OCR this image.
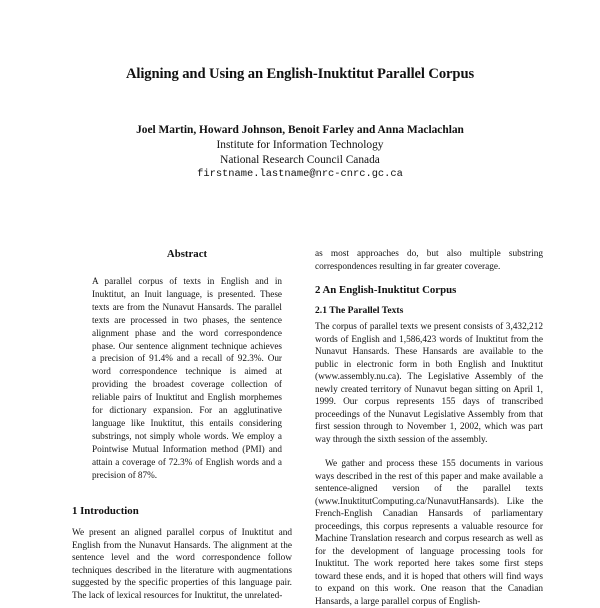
Aligning and Using an English-Inuktitut Parallel Corpus
Joel Martin, Howard Johnson, Benoit Farley and Anna Maclachlan
Institute for Information Technology
National Research Council Canada
firstname.lastname@nrc-cnrc.gc.ca
Abstract

A parallel corpus of texts in English and in Inuktitut, an Inuit language, is presented. These texts are from the Nunavut Hansards. The parallel texts are processed in two phases, the sentence alignment phase and the word correspondence phase. Our sentence alignment technique achieves a precision of 91.4% and a recall of 92.3%. Our word correspondence technique is aimed at providing the broadest coverage collection of reliable pairs of Inuktitut and English morphemes for dictionary expansion. For an agglutinative language like Inuktitut, this entails considering substrings, not simply whole words. We employ a Pointwise Mutual Information method (PMI) and attain a coverage of 72.3% of English words and a precision of 87%.

1 Introduction

We present an aligned parallel corpus of Inuktitut and English from the Nunavut Hansards. The alignment at the sentence level and the word correspondence follow techniques described in the literature with augmentations suggested by the specific properties of this language pair. The lack of lexical resources for Inuktitut, the unrelated-

as most approaches do, but also multiple substring correspondences resulting in far greater coverage.

2 An English-Inuktitut Corpus
2.1 The Parallel Texts

The corpus of parallel texts we present consists of 3,432,212 words of English and 1,586,423 words of Inuktitut from the Nunavut Hansards. These Hansards are available to the public in electronic form in both English and Inuktitut (www.assembly.nu.ca). The Legislative Assembly of the newly created territory of Nunavut began sitting on April 1, 1999. Our corpus represents 155 days of transcribed proceedings of the Nunavut Legislative Assembly from that first session through to November 1, 2002, which was part way through the sixth session of the assembly.

We gather and process these 155 documents in various ways described in the rest of this paper and make available a sentence-aligned version of the parallel texts (www.InuktitutComputing.ca/NunavutHansards). Like the French-English Canadian Hansards of parliamentary proceedings, this corpus represents a valuable resource for Machine Translation research and corpus research as well as for the development of language processing tools for Inuktitut. The work reported here takes some first steps toward these ends, and it is hoped that others will find ways to expand on this work. One reason that the Canadian Hansards, a large parallel corpus of English-
